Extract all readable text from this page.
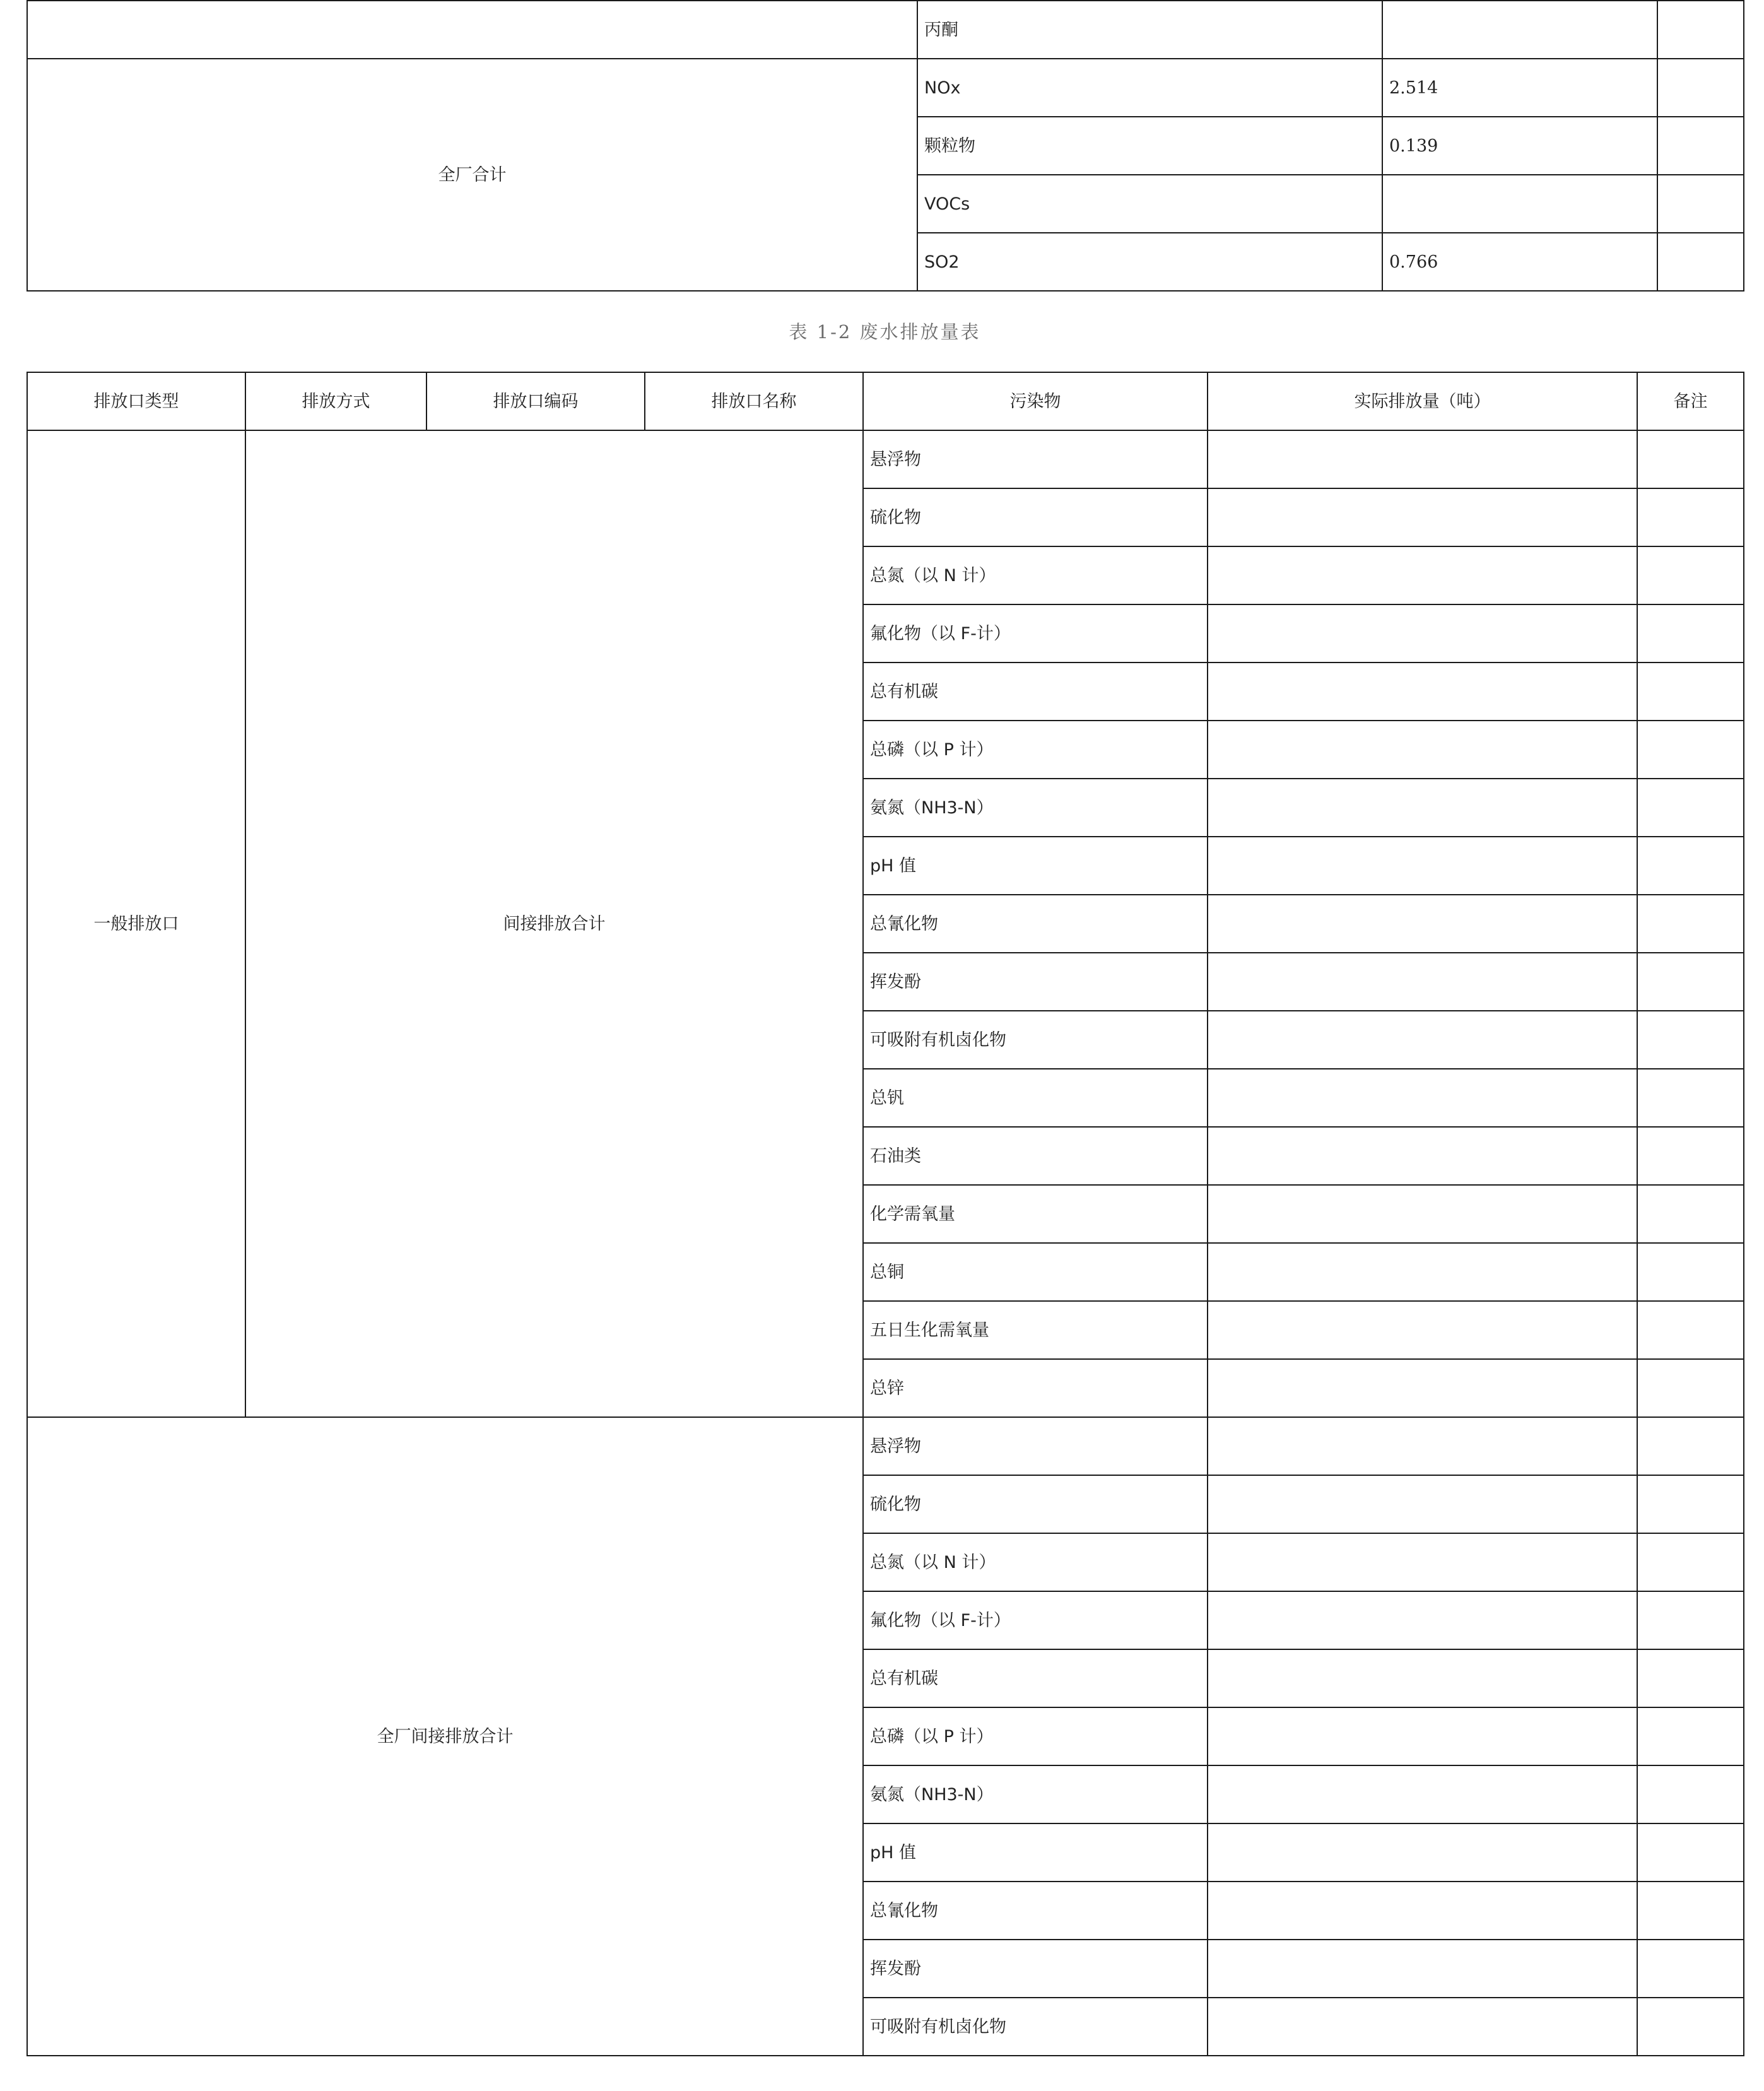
	丙酮		
全厂合计	NOx	2.514	
	颗粒物	0.139	
	VOCs		
	SO2	0.766	
表 1-2 废水排放量表
排放口类型	排放方式	排放口编码	排放口名称	污染物	实际排放量（吨）	备注
一般排放口	间接排放合计			悬浮物		
				硫化物		
				总氮（以 N 计）		
				氟化物（以 F-计）		
				总有机碳		
				总磷（以 P 计）		
				氨氮（NH3-N）		
				pH 值		
				总氰化物		
				挥发酚		
				可吸附有机卤化物		
				总钒		
				石油类		
				化学需氧量		
				总铜		
				五日生化需氧量		
				总锌		
全厂间接排放合计				悬浮物		
				硫化物		
				总氮（以 N 计）		
				氟化物（以 F-计）		
				总有机碳		
				总磷（以 P 计）		
				氨氮（NH3-N）		
				pH 值		
				总氰化物		
				挥发酚		
				可吸附有机卤化物		
